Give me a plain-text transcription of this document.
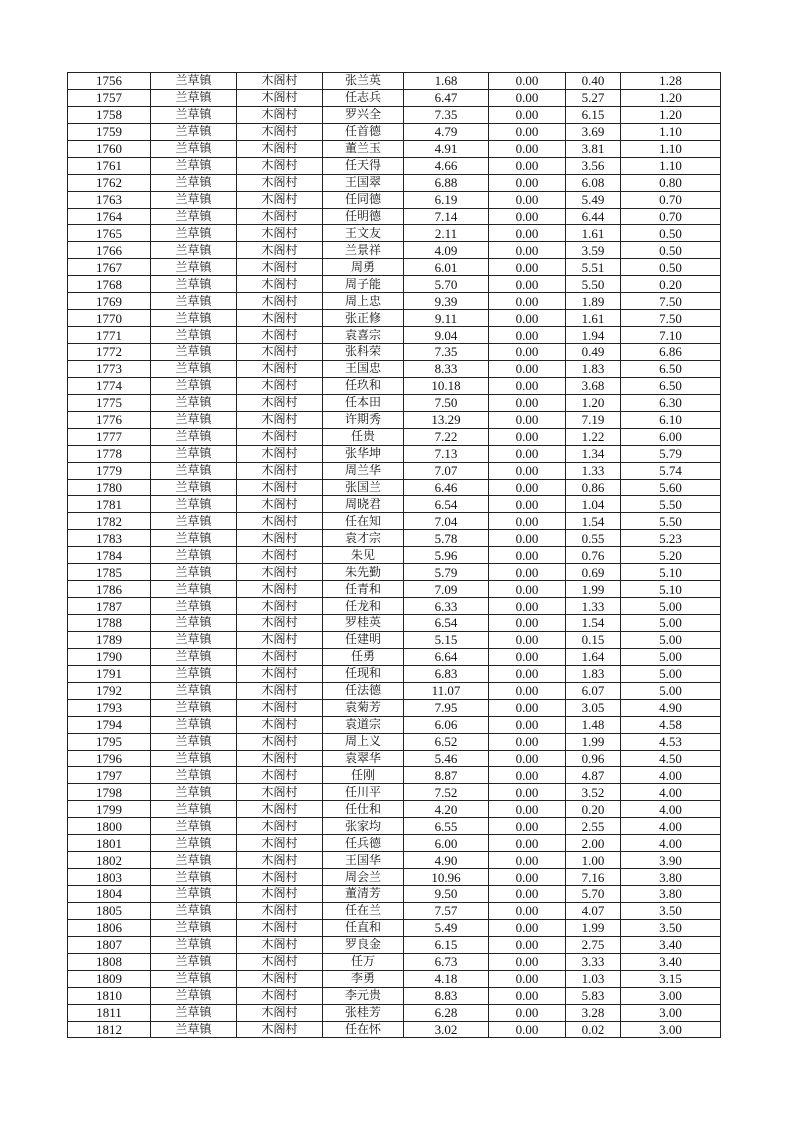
1756	兰草镇	木阁村	张兰英	1.68	0.00	0.40	1.28
1757	兰草镇	木阁村	任志兵	6.47	0.00	5.27	1.20
1758	兰草镇	木阁村	罗兴全	7.35	0.00	6.15	1.20
1759	兰草镇	木阁村	任首德	4.79	0.00	3.69	1.10
1760	兰草镇	木阁村	董兰玉	4.91	0.00	3.81	1.10
1761	兰草镇	木阁村	任天得	4.66	0.00	3.56	1.10
1762	兰草镇	木阁村	王国翠	6.88	0.00	6.08	0.80
1763	兰草镇	木阁村	任同德	6.19	0.00	5.49	0.70
1764	兰草镇	木阁村	任明德	7.14	0.00	6.44	0.70
1765	兰草镇	木阁村	王文友	2.11	0.00	1.61	0.50
1766	兰草镇	木阁村	兰景祥	4.09	0.00	3.59	0.50
1767	兰草镇	木阁村	周勇	6.01	0.00	5.51	0.50
1768	兰草镇	木阁村	周子能	5.70	0.00	5.50	0.20
1769	兰草镇	木阁村	周上忠	9.39	0.00	1.89	7.50
1770	兰草镇	木阁村	张正修	9.11	0.00	1.61	7.50
1771	兰草镇	木阁村	袁喜宗	9.04	0.00	1.94	7.10
1772	兰草镇	木阁村	张科荣	7.35	0.00	0.49	6.86
1773	兰草镇	木阁村	王国忠	8.33	0.00	1.83	6.50
1774	兰草镇	木阁村	任玖和	10.18	0.00	3.68	6.50
1775	兰草镇	木阁村	任本田	7.50	0.00	1.20	6.30
1776	兰草镇	木阁村	许期秀	13.29	0.00	7.19	6.10
1777	兰草镇	木阁村	任贵	7.22	0.00	1.22	6.00
1778	兰草镇	木阁村	张华坤	7.13	0.00	1.34	5.79
1779	兰草镇	木阁村	周兰华	7.07	0.00	1.33	5.74
1780	兰草镇	木阁村	张国兰	6.46	0.00	0.86	5.60
1781	兰草镇	木阁村	周晓君	6.54	0.00	1.04	5.50
1782	兰草镇	木阁村	任在知	7.04	0.00	1.54	5.50
1783	兰草镇	木阁村	袁才宗	5.78	0.00	0.55	5.23
1784	兰草镇	木阁村	朱见	5.96	0.00	0.76	5.20
1785	兰草镇	木阁村	朱先勤	5.79	0.00	0.69	5.10
1786	兰草镇	木阁村	任青和	7.09	0.00	1.99	5.10
1787	兰草镇	木阁村	任龙和	6.33	0.00	1.33	5.00
1788	兰草镇	木阁村	罗桂英	6.54	0.00	1.54	5.00
1789	兰草镇	木阁村	任建明	5.15	0.00	0.15	5.00
1790	兰草镇	木阁村	任勇	6.64	0.00	1.64	5.00
1791	兰草镇	木阁村	任现和	6.83	0.00	1.83	5.00
1792	兰草镇	木阁村	任法德	11.07	0.00	6.07	5.00
1793	兰草镇	木阁村	袁菊芳	7.95	0.00	3.05	4.90
1794	兰草镇	木阁村	袁道宗	6.06	0.00	1.48	4.58
1795	兰草镇	木阁村	周上义	6.52	0.00	1.99	4.53
1796	兰草镇	木阁村	袁翠华	5.46	0.00	0.96	4.50
1797	兰草镇	木阁村	任刚	8.87	0.00	4.87	4.00
1798	兰草镇	木阁村	任川平	7.52	0.00	3.52	4.00
1799	兰草镇	木阁村	任仕和	4.20	0.00	0.20	4.00
1800	兰草镇	木阁村	张家均	6.55	0.00	2.55	4.00
1801	兰草镇	木阁村	任兵德	6.00	0.00	2.00	4.00
1802	兰草镇	木阁村	王国华	4.90	0.00	1.00	3.90
1803	兰草镇	木阁村	周会兰	10.96	0.00	7.16	3.80
1804	兰草镇	木阁村	董清芳	9.50	0.00	5.70	3.80
1805	兰草镇	木阁村	任在兰	7.57	0.00	4.07	3.50
1806	兰草镇	木阁村	任直和	5.49	0.00	1.99	3.50
1807	兰草镇	木阁村	罗良金	6.15	0.00	2.75	3.40
1808	兰草镇	木阁村	任万	6.73	0.00	3.33	3.40
1809	兰草镇	木阁村	李勇	4.18	0.00	1.03	3.15
1810	兰草镇	木阁村	李元贵	8.83	0.00	5.83	3.00
1811	兰草镇	木阁村	张桂芳	6.28	0.00	3.28	3.00
1812	兰草镇	木阁村	任在怀	3.02	0.00	0.02	3.00
